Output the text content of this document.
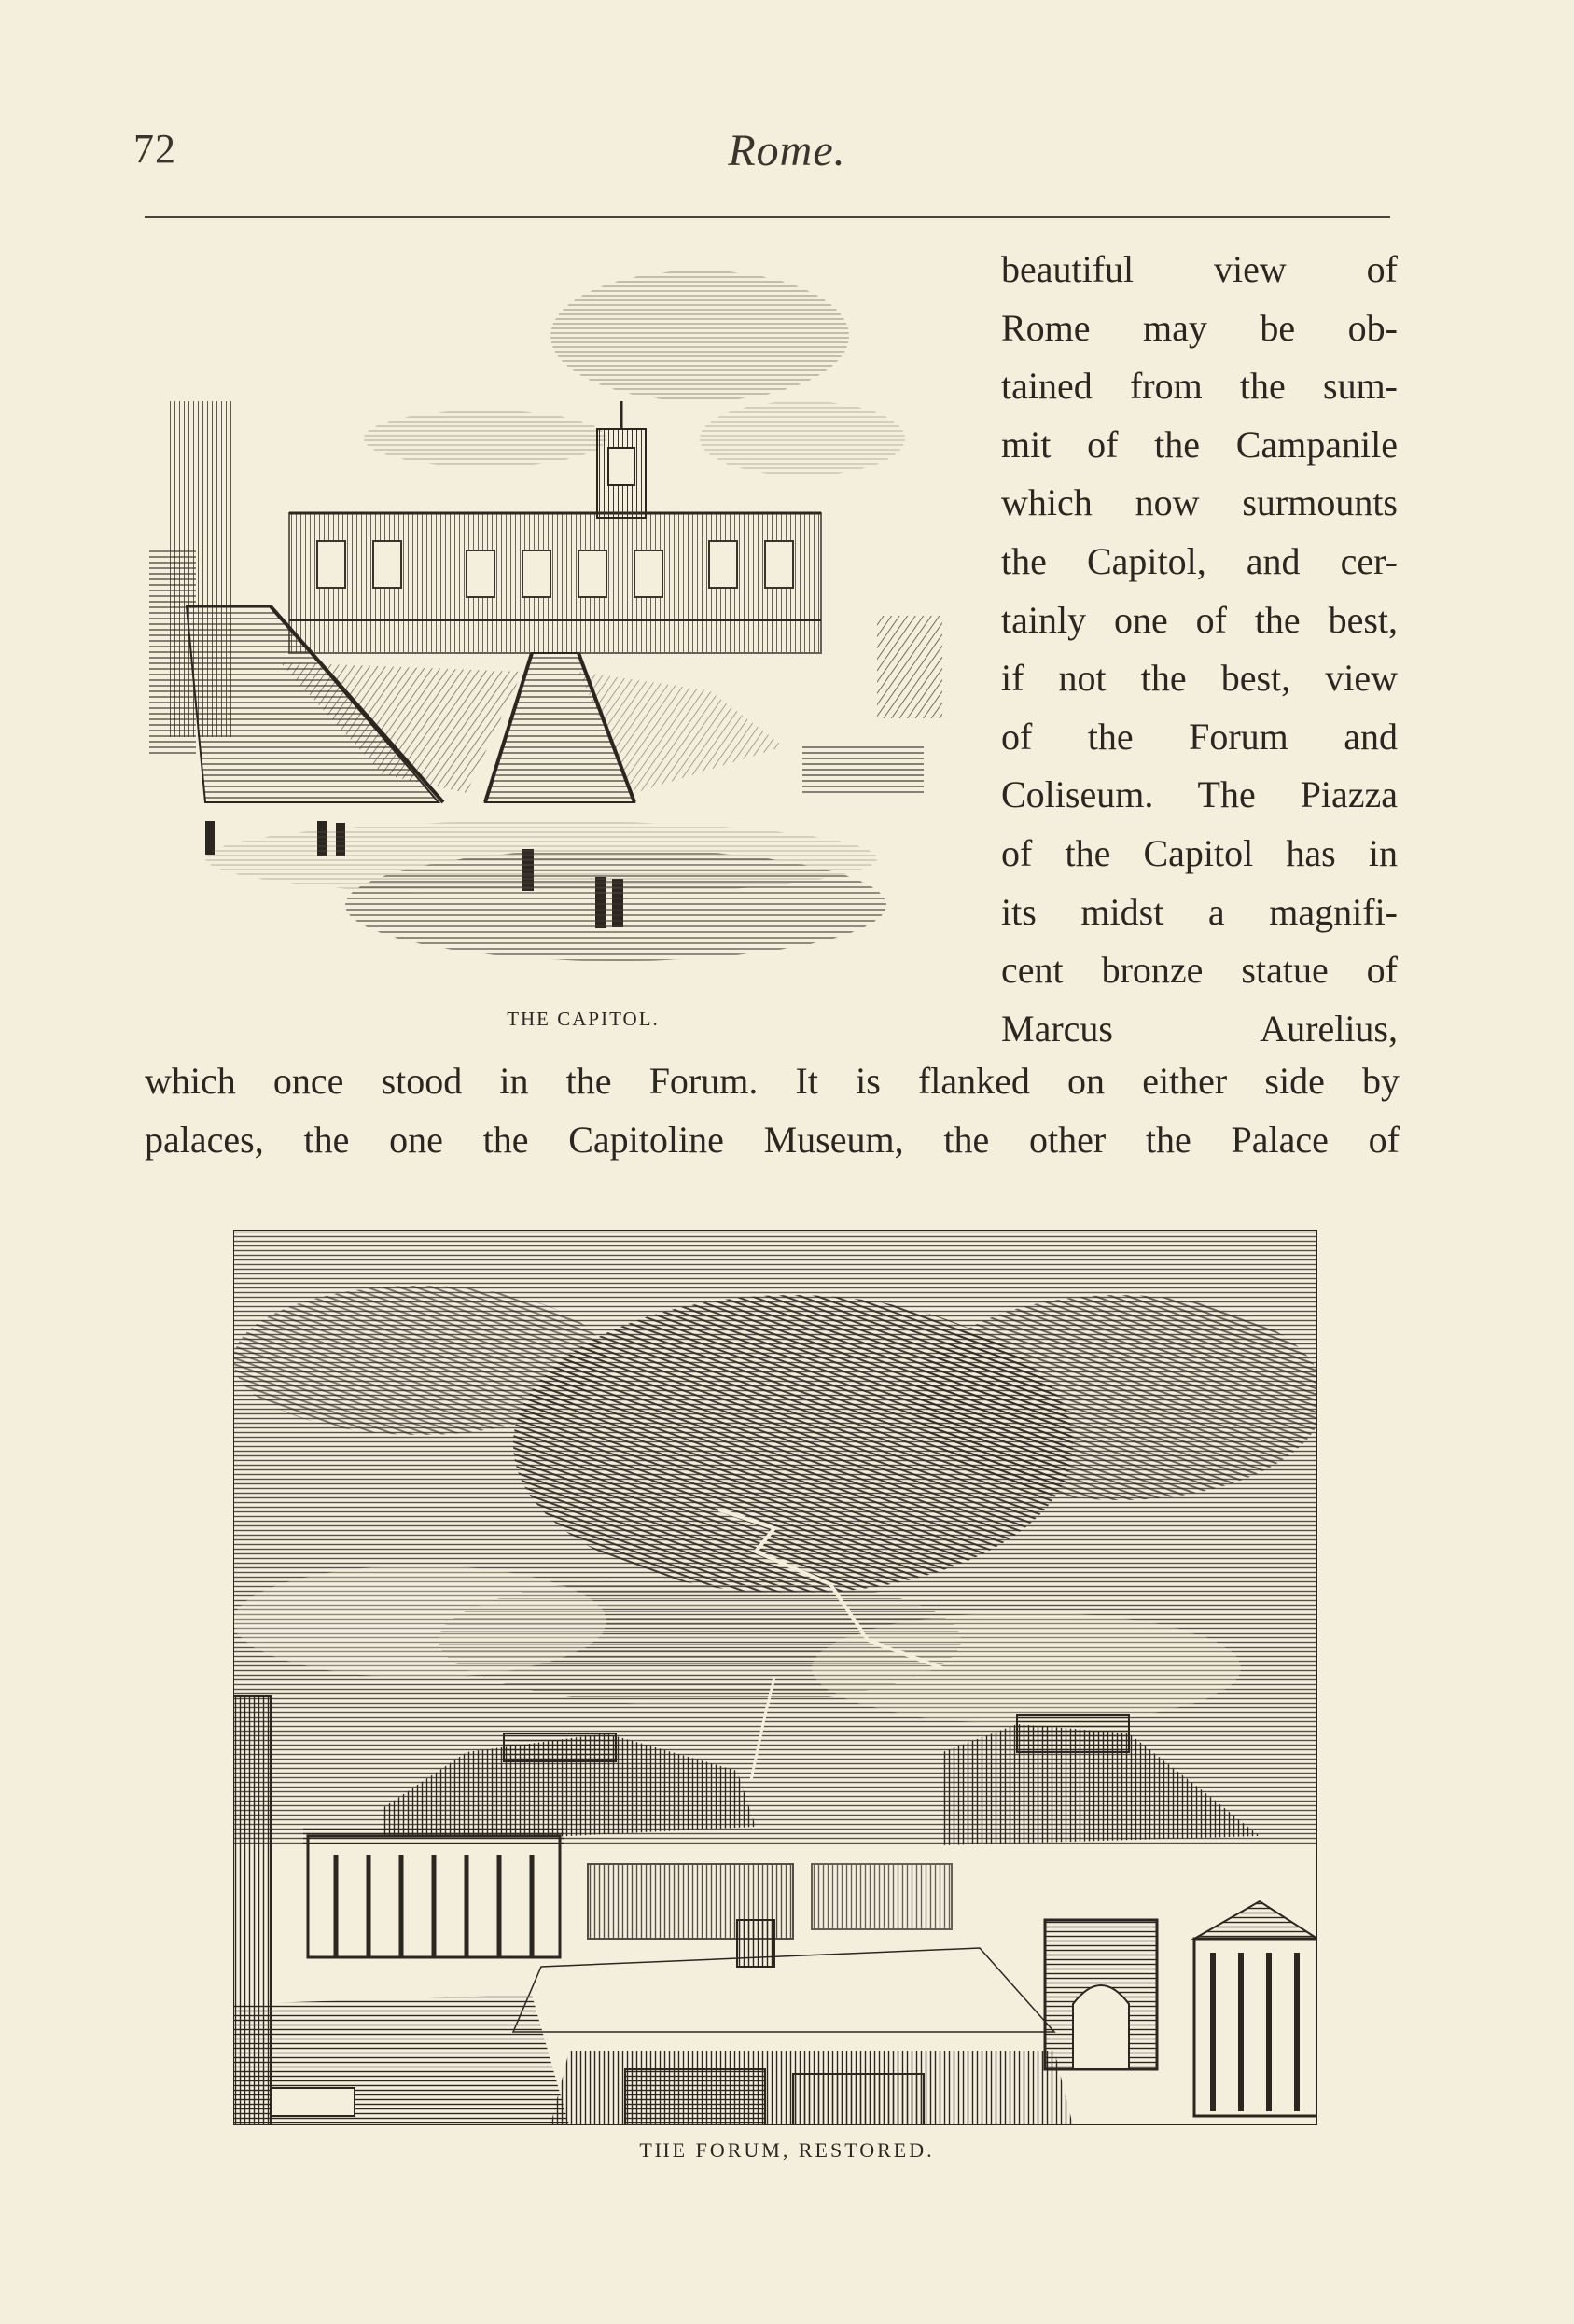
72	Rome.
THE CAPITOL.
beautiful view of
Rome may be ob-
tained from the sum-
mit of the Campanile
which now surmounts
the Capitol, and cer-
tainly one of the best,
if not the best, view
of the Forum and
Coliseum. The Piazza
of the Capitol has in
its midst a magnifi-
cent bronze statue of
Marcus Aurelius,
which once stood in the Forum. It is flanked on either side by
palaces, the one the Capitoline Museum, the other the Palace of
THE FORUM, RESTORED.
